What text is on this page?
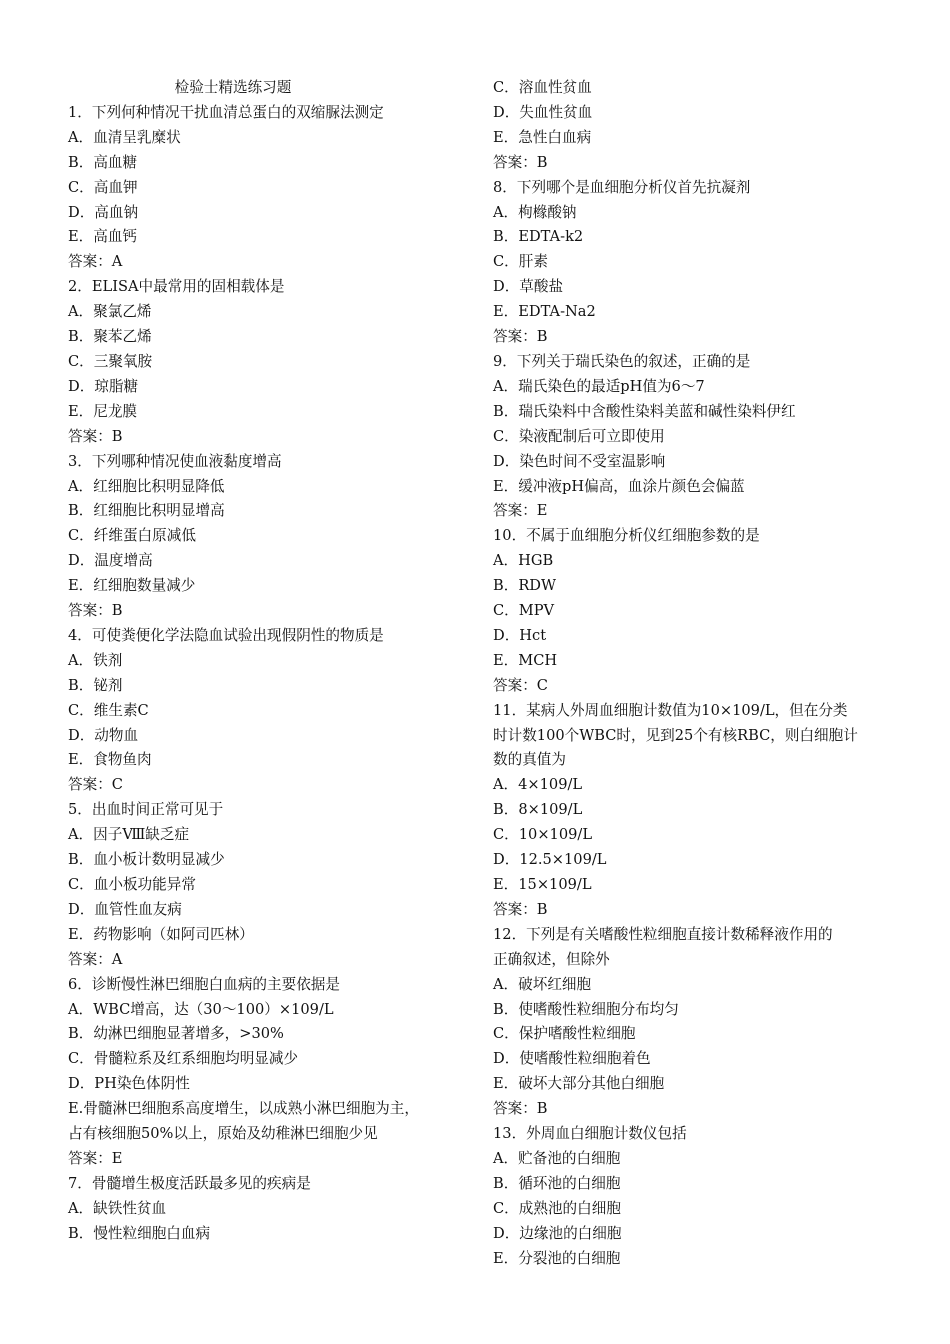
检验士精选练习题
1．下列何种情况干扰血清总蛋白的双缩脲法测定
A．血清呈乳糜状
B．高血糖
C．高血钾
D．高血钠
E．高血钙
答案：A
2．ELISA中最常用的固相载体是
A．聚氯乙烯
B．聚苯乙烯
C．三聚氧胺
D．琼脂糖
E．尼龙膜
答案：B
3．下列哪种情况使血液黏度增高
A．红细胞比积明显降低
B．红细胞比积明显增高
C．纤维蛋白原减低
D．温度增高
E．红细胞数量减少
答案：B
4．可使粪便化学法隐血试验出现假阴性的物质是
A．铁剂
B．铋剂
C．维生素C
D．动物血
E．食物鱼肉
答案：C
5．出血时间正常可见于
A．因子Ⅷ缺乏症
B．血小板计数明显减少
C．血小板功能异常
D．血管性血友病
E．药物影响（如阿司匹林）
答案：A
6．诊断慢性淋巴细胞白血病的主要依据是
A．WBC增高，达（30～100）×109/L
B．幼淋巴细胞显著增多，>30%
C．骨髓粒系及红系细胞均明显减少
D．PH染色体阴性
E.骨髓淋巴细胞系高度增生，以成熟小淋巴细胞为主，
占有核细胞50%以上，原始及幼稚淋巴细胞少见
答案：E
7．骨髓增生极度活跃最多见的疾病是
A．缺铁性贫血
B．慢性粒细胞白血病
C．溶血性贫血
D．失血性贫血
E．急性白血病
答案：B
8．下列哪个是血细胞分析仪首先抗凝剂
A．枸橼酸钠
B．EDTA-k2
C．肝素
D．草酸盐
E．EDTA-Na2
答案：B
9．下列关于瑞氏染色的叙述，正确的是
A．瑞氏染色的最适pH值为6～7
B．瑞氏染料中含酸性染料美蓝和碱性染料伊红
C．染液配制后可立即使用
D．染色时间不受室温影响
E．缓冲液pH偏高，血涂片颜色会偏蓝
答案：E
10．不属于血细胞分析仪红细胞参数的是
A．HGB
B．RDW
C．MPV
D．Hct
E．MCH
答案：C
11．某病人外周血细胞计数值为10×109/L，但在分类
时计数100个WBC时，见到25个有核RBC，则白细胞计
数的真值为
A．4×109/L
B．8×109/L
C．10×109/L
D．12.5×109/L
E．15×109/L
答案：B
12．下列是有关嗜酸性粒细胞直接计数稀释液作用的
正确叙述，但除外
A．破坏红细胞
B．使嗜酸性粒细胞分布均匀
C．保护嗜酸性粒细胞
D．使嗜酸性粒细胞着色
E．破坏大部分其他白细胞
答案：B
13．外周血白细胞计数仪包括
A．贮备池的白细胞
B．循环池的白细胞
C．成熟池的白细胞
D．边缘池的白细胞
E．分裂池的白细胞
